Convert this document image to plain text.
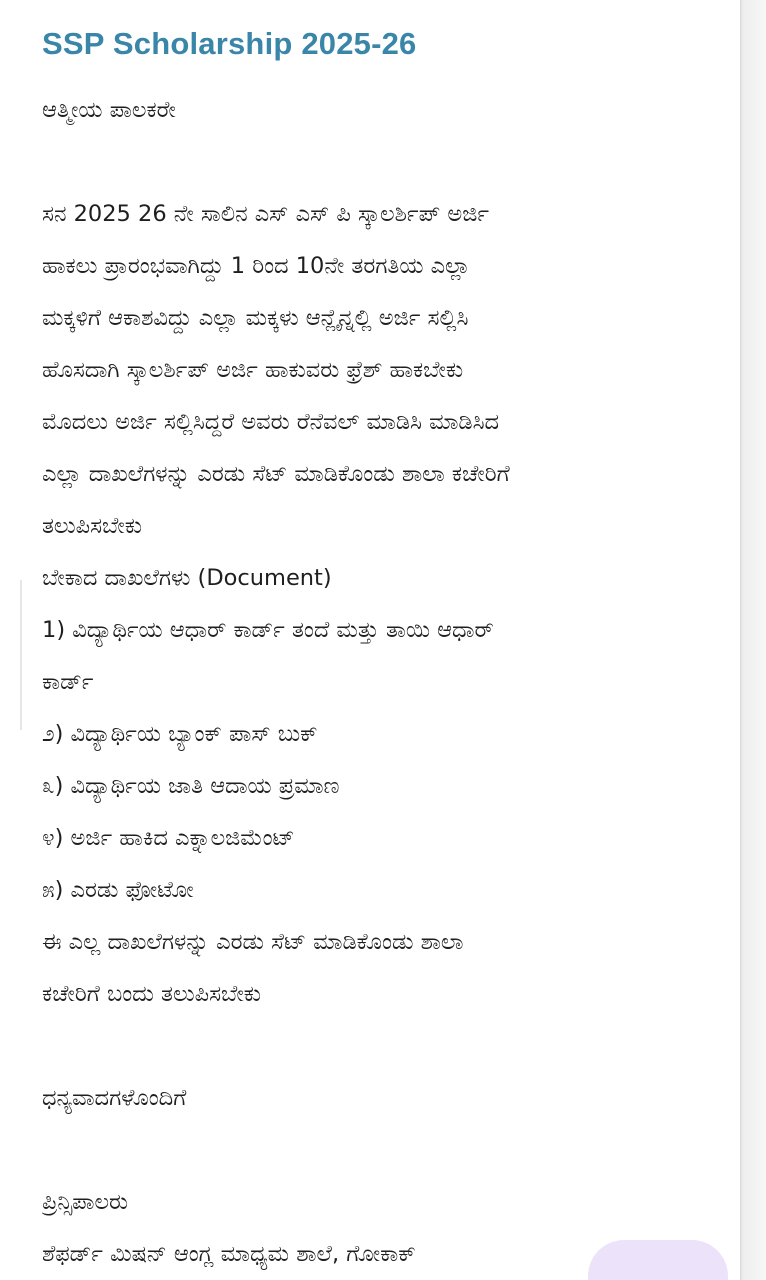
SSP Scholarship 2025-26
ಆತ್ಮೀಯ ಪಾಲಕರೇ
ಸನ 2025 26 ನೇ ಸಾಲಿನ ಎಸ್ ಎಸ್ ಪಿ ಸ್ಕಾಲರ್ಶಿಪ್ ಅರ್ಜಿ
ಹಾಕಲು ಪ್ರಾರಂಭವಾಗಿದ್ದು 1 ರಿಂದ 10ನೇ ತರಗತಿಯ ಎಲ್ಲಾ
ಮಕ್ಕಳಿಗೆ ಆಕಾಶವಿದ್ದು ಎಲ್ಲಾ ಮಕ್ಕಳು ಆನ್ಲೈನ್ನಲ್ಲಿ ಅರ್ಜಿ ಸಲ್ಲಿಸಿ
ಹೊಸದಾಗಿ ಸ್ಕಾಲರ್ಶಿಪ್ ಅರ್ಜಿ ಹಾಕುವರು ಫ್ರೆಶ್ ಹಾಕಬೇಕು
ಮೊದಲು ಅರ್ಜಿ ಸಲ್ಲಿಸಿದ್ದರೆ ಅವರು ರೆನೆವಲ್ ಮಾಡಿಸಿ ಮಾಡಿಸಿದ
ಎಲ್ಲಾ ದಾಖಲೆಗಳನ್ನು ಎರಡು ಸೆಟ್ ಮಾಡಿಕೊಂಡು ಶಾಲಾ ಕಚೇರಿಗೆ
ತಲುಪಿಸಬೇಕು
ಬೇಕಾದ ದಾಖಲೆಗಳು (Document)
1) ವಿದ್ಯಾರ್ಥಿಯ ಆಧಾರ್ ಕಾರ್ಡ್ ತಂದೆ ಮತ್ತು ತಾಯಿ ಆಧಾರ್
ಕಾರ್ಡ್
೨) ವಿದ್ಯಾರ್ಥಿಯ ಬ್ಯಾಂಕ್ ಪಾಸ್ ಬುಕ್
೩) ವಿದ್ಯಾರ್ಥಿಯ ಜಾತಿ ಆದಾಯ ಪ್ರಮಾಣ
೪) ಅರ್ಜಿ ಹಾಕಿದ ಎಕ್ನಾಲಜಿಮೆಂಟ್
೫) ಎರಡು ಫೋಟೋ
ಈ ಎಲ್ಲ ದಾಖಲೆಗಳನ್ನು ಎರಡು ಸೆಟ್ ಮಾಡಿಕೊಂಡು ಶಾಲಾ
ಕಚೇರಿಗೆ ಬಂದು ತಲುಪಿಸಬೇಕು
ಧನ್ಯವಾದಗಳೊಂದಿಗೆ
ಪ್ರಿನ್ಸಿಪಾಲರು
ಶೆಫರ್ಡ್ ಮಿಷನ್ ಆಂಗ್ಲ ಮಾಧ್ಯಮ ಶಾಲೆ, ಗೋಕಾಕ್
